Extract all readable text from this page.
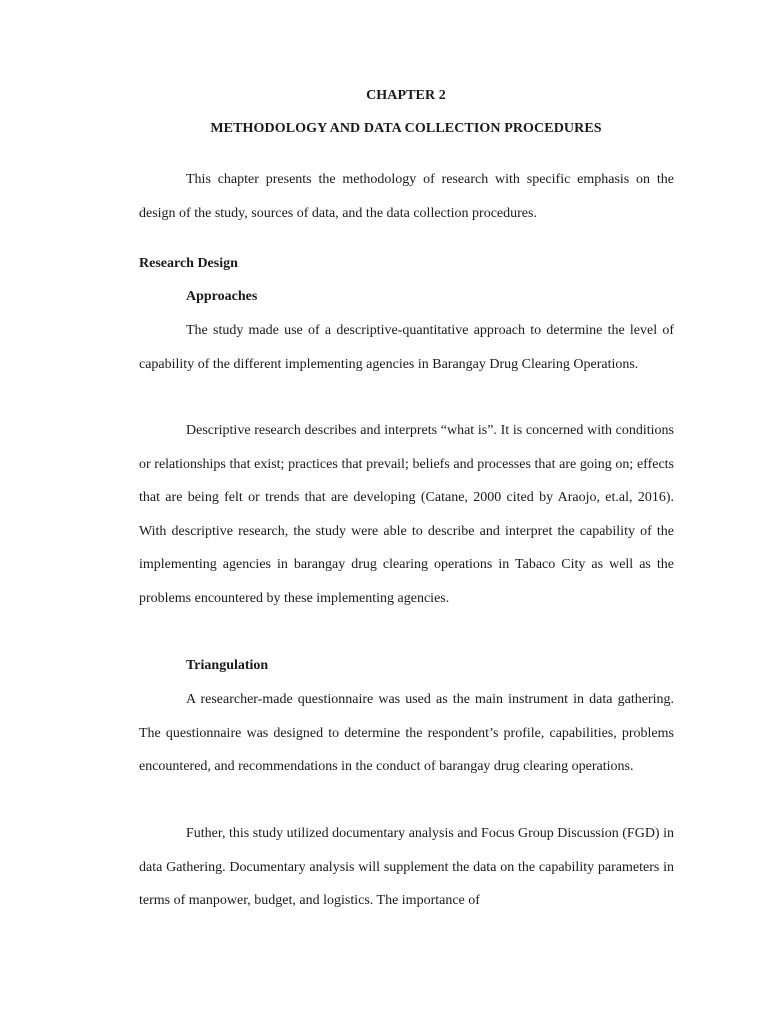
CHAPTER 2
METHODOLOGY AND DATA COLLECTION PROCEDURES

This chapter presents the methodology of research with specific emphasis on the design of the study, sources of data, and the data collection procedures.

Research Design
Approaches

The study made use of a descriptive-quantitative approach to determine the level of capability of the different implementing agencies in Barangay Drug Clearing Operations.

Descriptive research describes and interprets “what is”. It is concerned with conditions or relationships that exist; practices that prevail; beliefs and processes that are going on; effects that are being felt or trends that are developing (Catane, 2000 cited by Araojo, et.al, 2016). With descriptive research, the study were able to describe and interpret the capability of the implementing agencies in barangay drug clearing operations in Tabaco City as well as the problems encountered by these implementing agencies.

Triangulation

A researcher-made questionnaire was used as the main instrument in data gathering. The questionnaire was designed to determine the respondent’s profile, capabilities, problems encountered, and recommendations in the conduct of barangay drug clearing operations.

Futher, this study utilized documentary analysis and Focus Group Discussion (FGD) in data Gathering. Documentary analysis will supplement the data on the capability parameters in terms of manpower, budget, and logistics. The importance of
